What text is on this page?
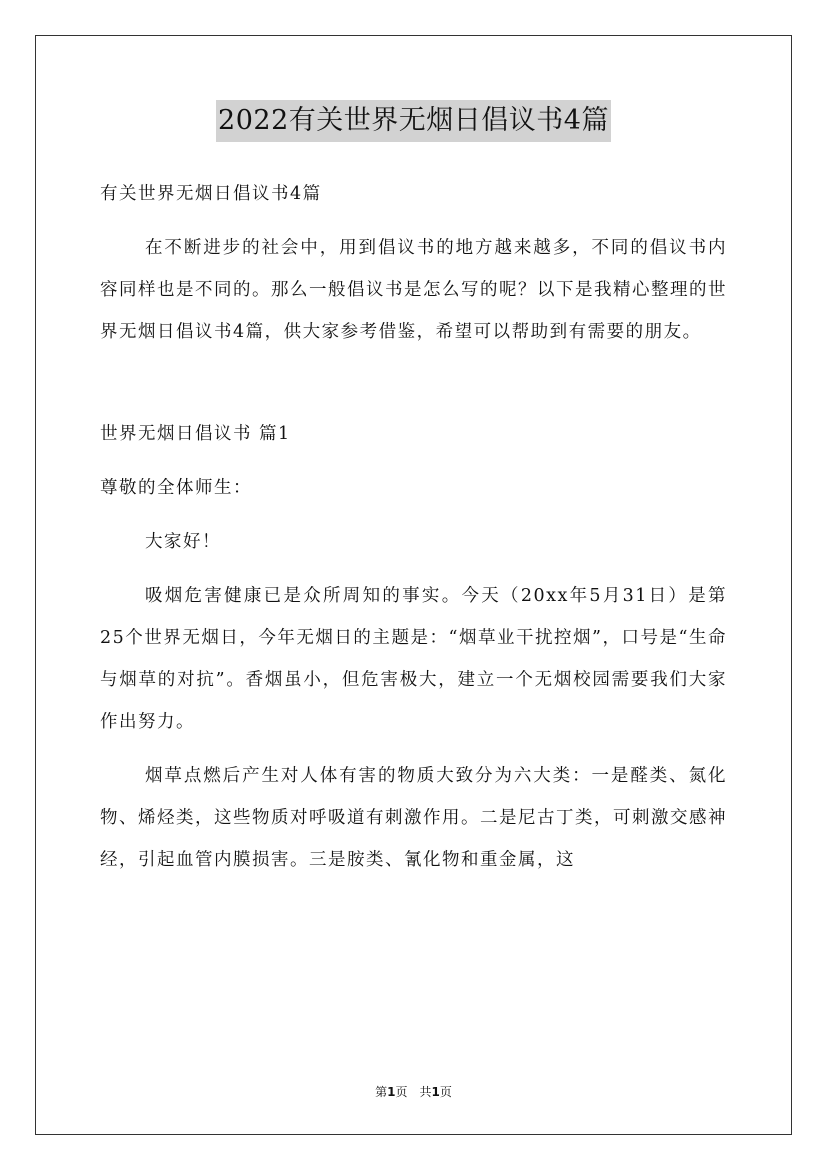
2022有关世界无烟日倡议书4篇

有关世界无烟日倡议书4篇

在不断进步的社会中，用到倡议书的地方越来越多，不同的倡议书内容同样也是不同的。那么一般倡议书是怎么写的呢？以下是我精心整理的世界无烟日倡议书4篇，供大家参考借鉴，希望可以帮助到有需要的朋友。

世界无烟日倡议书 篇1

尊敬的全体师生：

大家好！

吸烟危害健康已是众所周知的事实。今天（20xx年5月31日）是第25个世界无烟日，今年无烟日的主题是：“烟草业干扰控烟”，口号是“生命与烟草的对抗”。香烟虽小，但危害极大，建立一个无烟校园需要我们大家作出努力。

烟草点燃后产生对人体有害的物质大致分为六大类：一是醛类、氮化物、烯烃类，这些物质对呼吸道有刺激作用。二是尼古丁类，可刺激交感神经，引起血管内膜损害。三是胺类、氰化物和重金属，这

第1页 共1页
